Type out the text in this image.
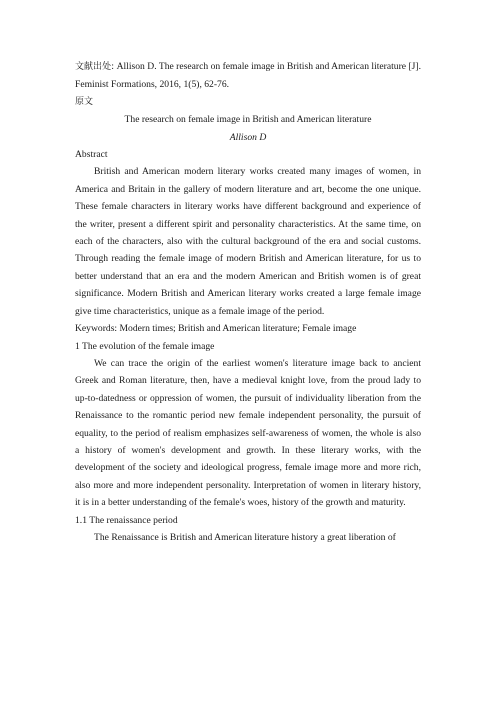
文献出处: Allison D. The research on female image in British and American literature [J]. Feminist Formations, 2016, 1(5), 62-76.

原文

The research on female image in British and American literature

Allison D

Abstract

British and American modern literary works created many images of women, in America and Britain in the gallery of modern literature and art, become the one unique. These female characters in literary works have different background and experience of the writer, present a different spirit and personality characteristics. At the same time, on each of the characters, also with the cultural background of the era and social customs. Through reading the female image of modern British and American literature, for us to better understand that an era and the modern American and British women is of great significance. Modern British and American literary works created a large female image give time characteristics, unique as a female image of the period.

Keywords: Modern times; British and American literature; Female image

1 The evolution of the female image

We can trace the origin of the earliest women's literature image back to ancient Greek and Roman literature, then, have a medieval knight love, from the proud lady to up-to-datedness or oppression of women, the pursuit of individuality liberation from the Renaissance to the romantic period new female independent personality, the pursuit of equality, to the period of realism emphasizes self-awareness of women, the whole is also a history of women's development and growth. In these literary works, with the development of the society and ideological progress, female image more and more rich, also more and more independent personality. Interpretation of women in literary history, it is in a better understanding of the female's woes, history of the growth and maturity.

1.1 The renaissance period

The Renaissance is British and American literature history a great liberation of
